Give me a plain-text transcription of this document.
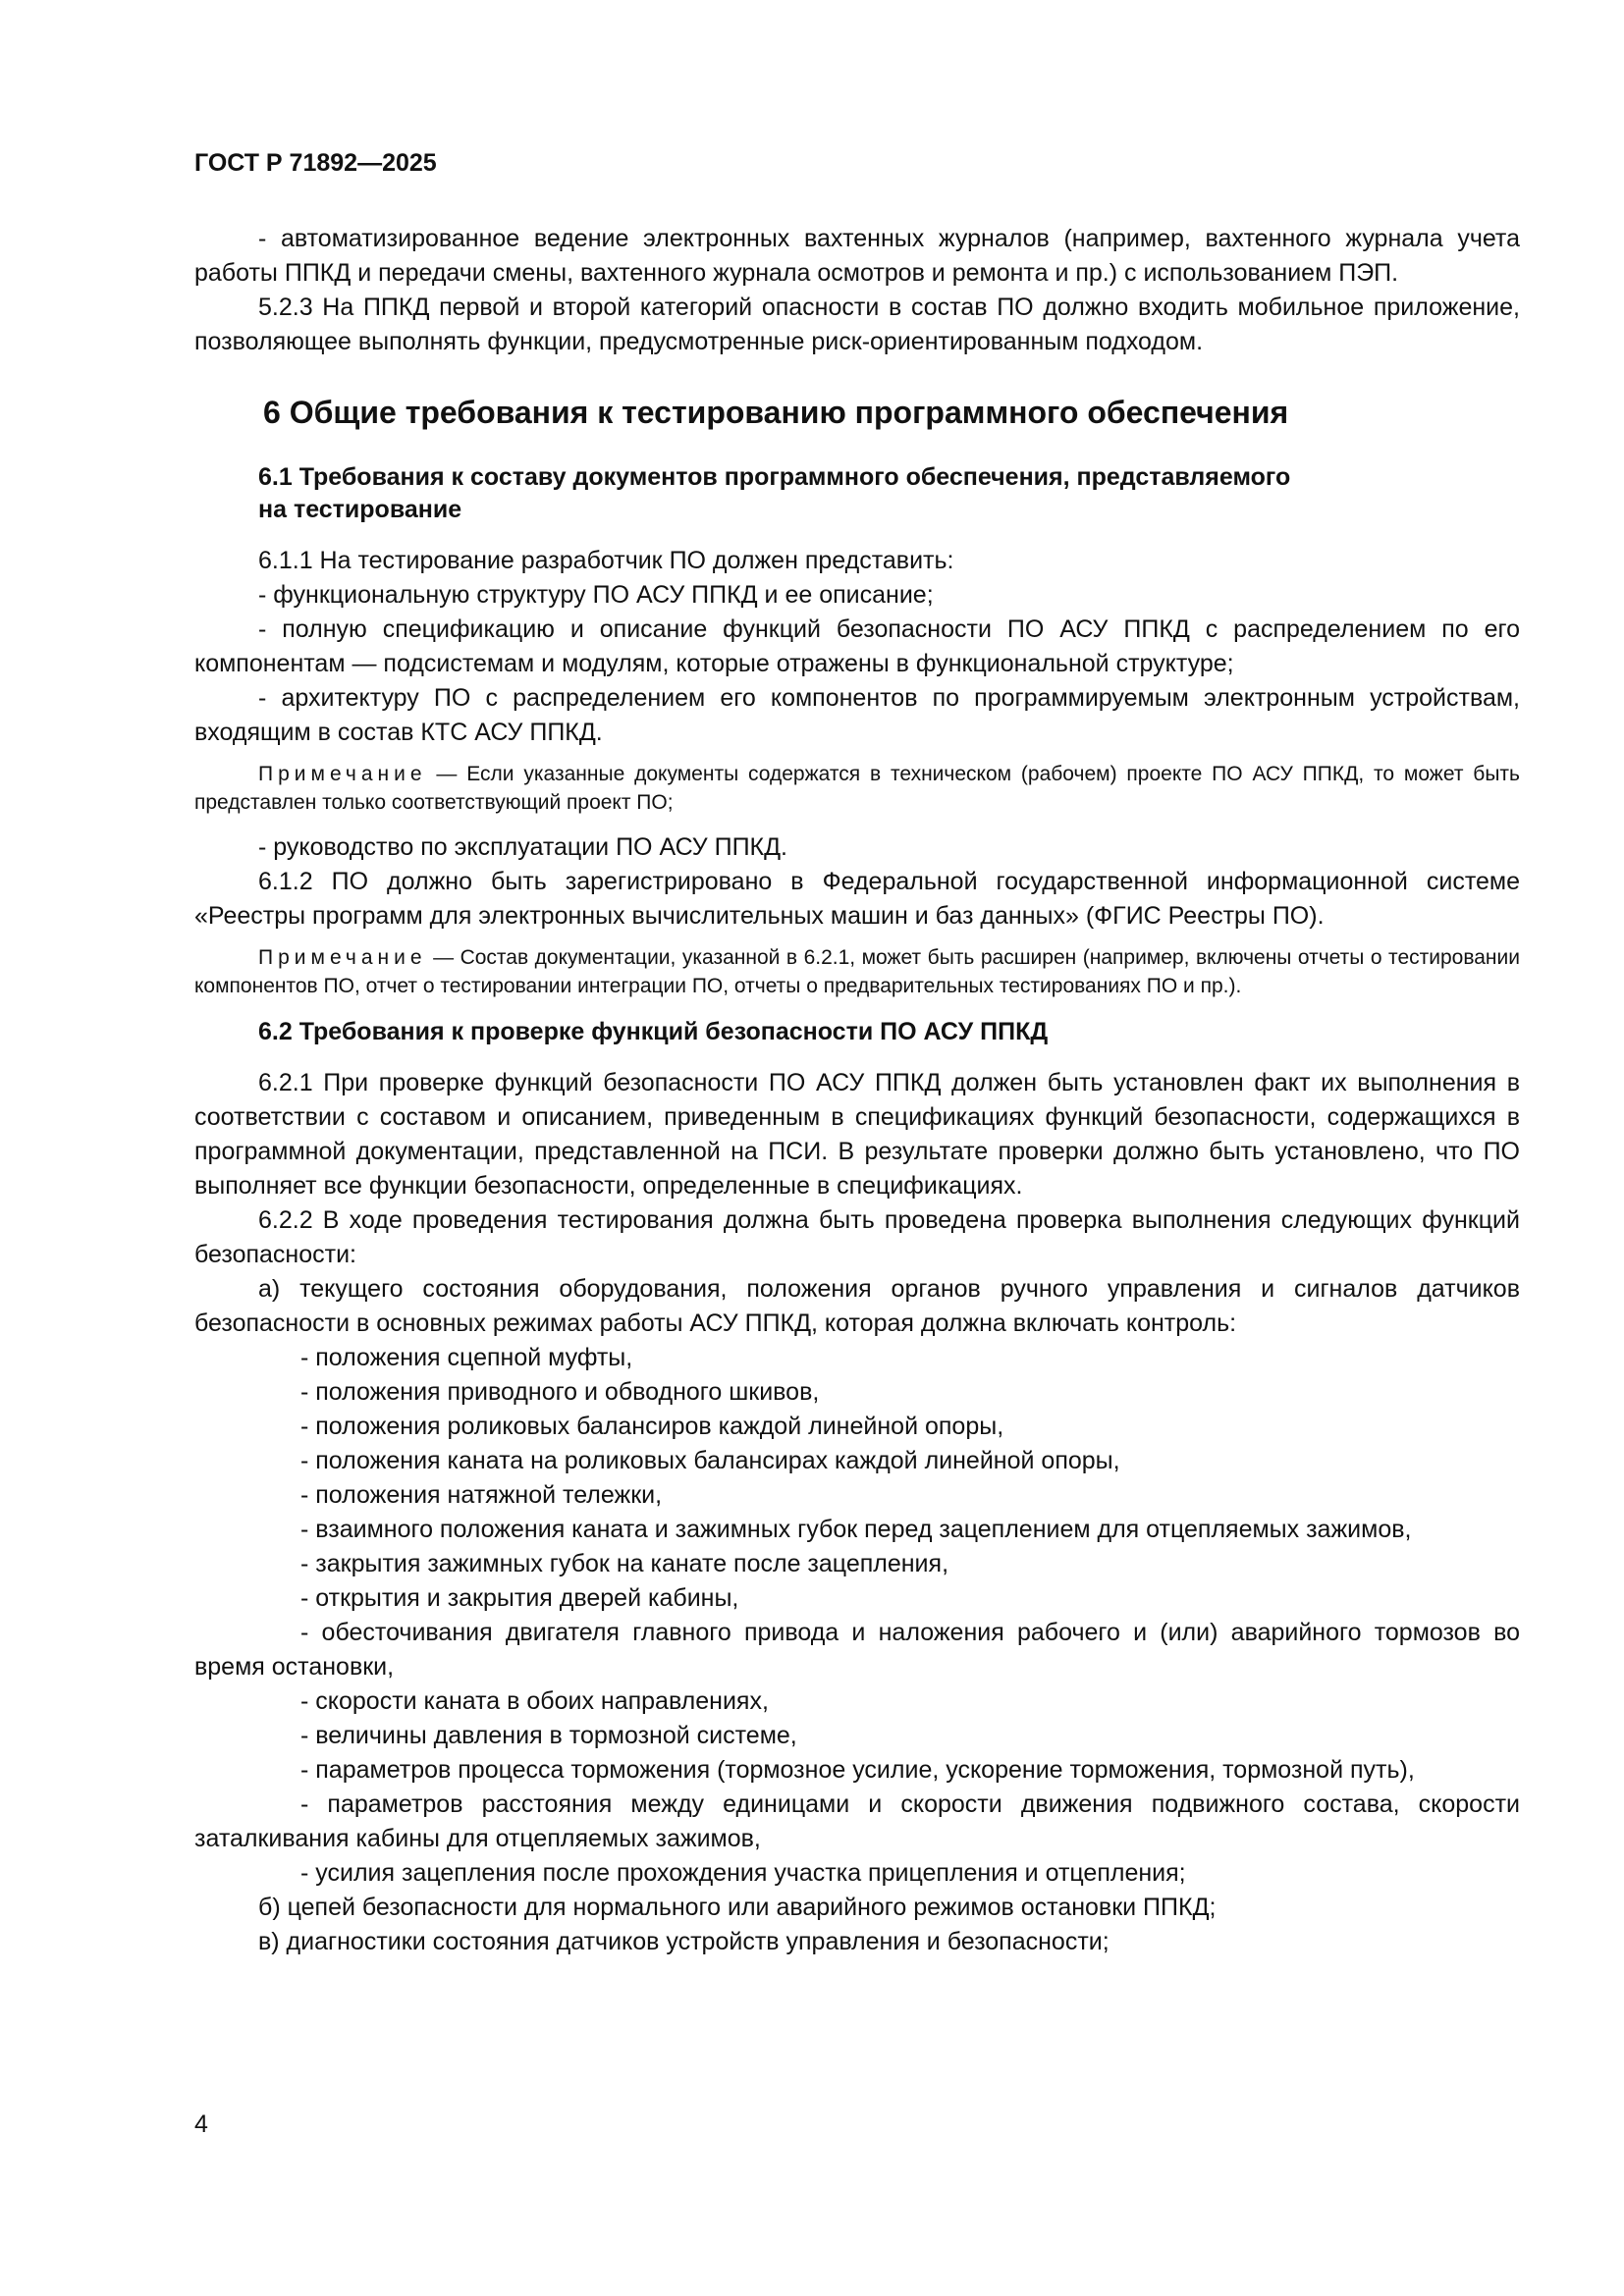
ГОСТ Р 71892—2025

- автоматизированное ведение электронных вахтенных журналов (например, вахтенного журнала учета работы ППКД и передачи смены, вахтенного журнала осмотров и ремонта и пр.) с использованием ПЭП.

5.2.3 На ППКД первой и второй категорий опасности в состав ПО должно входить мобильное приложение, позволяющее выполнять функции, предусмотренные риск-ориентированным подходом.

6 Общие требования к тестированию программного обеспечения
6.1 Требования к составу документов программного обеспечения, представляемого
на тестирование

6.1.1 На тестирование разработчик ПО должен представить:

- функциональную структуру ПО АСУ ППКД и ее описание;

- полную спецификацию и описание функций безопасности ПО АСУ ППКД с распределением по его компонентам — подсистемам и модулям, которые отражены в функциональной структуре;

- архитектуру ПО с распределением его компонентов по программируемым электронным устройствам, входящим в состав КТС АСУ ППКД.

Примечание — Если указанные документы содержатся в техническом (рабочем) проекте ПО АСУ ППКД, то может быть представлен только соответствующий проект ПО;

- руководство по эксплуатации ПО АСУ ППКД.

6.1.2 ПО должно быть зарегистрировано в Федеральной государственной информационной системе «Реестры программ для электронных вычислительных машин и баз данных» (ФГИС Реестры ПО).

Примечание — Состав документации, указанной в 6.2.1, может быть расширен (например, включены отчеты о тестировании компонентов ПО, отчет о тестировании интеграции ПО, отчеты о предварительных тестированиях ПО и пр.).

6.2 Требования к проверке функций безопасности ПО АСУ ППКД

6.2.1 При проверке функций безопасности ПО АСУ ППКД должен быть установлен факт их выполнения в соответствии с составом и описанием, приведенным в спецификациях функций безопасности, содержащихся в программной документации, представленной на ПСИ. В результате проверки должно быть установлено, что ПО выполняет все функции безопасности, определенные в спецификациях.

6.2.2 В ходе проведения тестирования должна быть проведена проверка выполнения следующих функций безопасности:

а) текущего состояния оборудования, положения органов ручного управления и сигналов датчиков безопасности в основных режимах работы АСУ ППКД, которая должна включать контроль:

- положения сцепной муфты,

- положения приводного и обводного шкивов,

- положения роликовых балансиров каждой линейной опоры,

- положения каната на роликовых балансирах каждой линейной опоры,

- положения натяжной тележки,

- взаимного положения каната и зажимных губок перед зацеплением для отцепляемых зажимов,

- закрытия зажимных губок на канате после зацепления,

- открытия и закрытия дверей кабины,

- обесточивания двигателя главного привода и наложения рабочего и (или) аварийного тормозов во время остановки,

- скорости каната в обоих направлениях,

- величины давления в тормозной системе,

- параметров процесса торможения (тормозное усилие, ускорение торможения, тормозной путь),

- параметров расстояния между единицами и скорости движения подвижного состава, скорости заталкивания кабины для отцепляемых зажимов,

- усилия зацепления после прохождения участка прицепления и отцепления;

б) цепей безопасности для нормального или аварийного режимов остановки ППКД;

в) диагностики состояния датчиков устройств управления и безопасности;

4
